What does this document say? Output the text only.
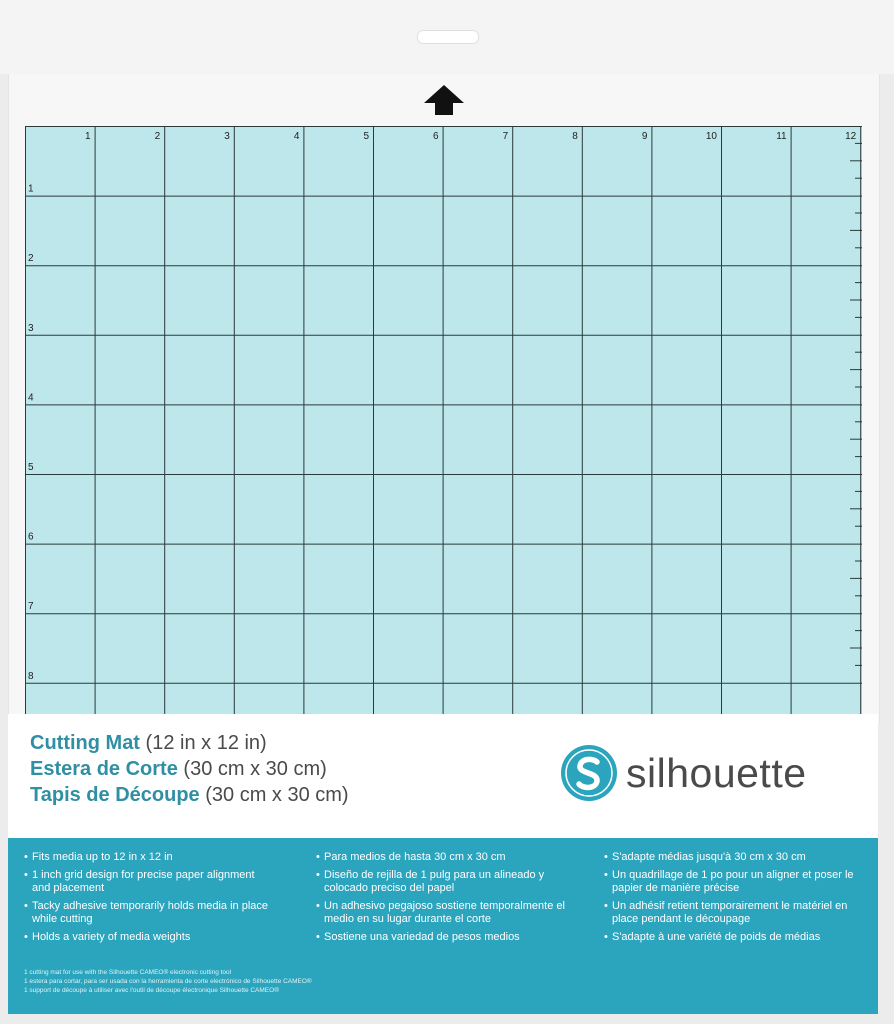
1	2	3	4	5	6	7	8	9	10	11	12
1
2
3
4
5
6
7
8
Cutting Mat (12 in x 12 in)
Estera de Corte (30 cm x 30 cm)
Tapis de Découpe (30 cm x 30 cm)	silhouette
• Fits media up to 12 in x 12 in
• 1 inch grid design for precise paper alignment and placement
• Tacky adhesive temporarily holds media in place while cutting
• Holds a variety of media weights
• Para medios de hasta 30 cm x 30 cm
• Diseño de rejilla de 1 pulg para un alineado y colocado preciso del papel
• Un adhesivo pegajoso sostiene temporalmente el medio en su lugar durante el corte
• Sostiene una variedad de pesos medios
• S'adapte médias jusqu'à 30 cm x 30 cm
• Un quadrillage de 1 po pour un aligner et poser le papier de manière précise
• Un adhésif retient temporairement le matériel en place pendant le découpage
• S'adapte à une variété de poids de médias
1 cutting mat for use with the Silhouette CAMEO® electronic cutting tool
1 estera para cortar, para ser usada con la herramienta de corte electrónico de Silhouette CAMEO®
1 support de découpe à utiliser avec l'outil de découpe électronique Silhouette CAMEO®
